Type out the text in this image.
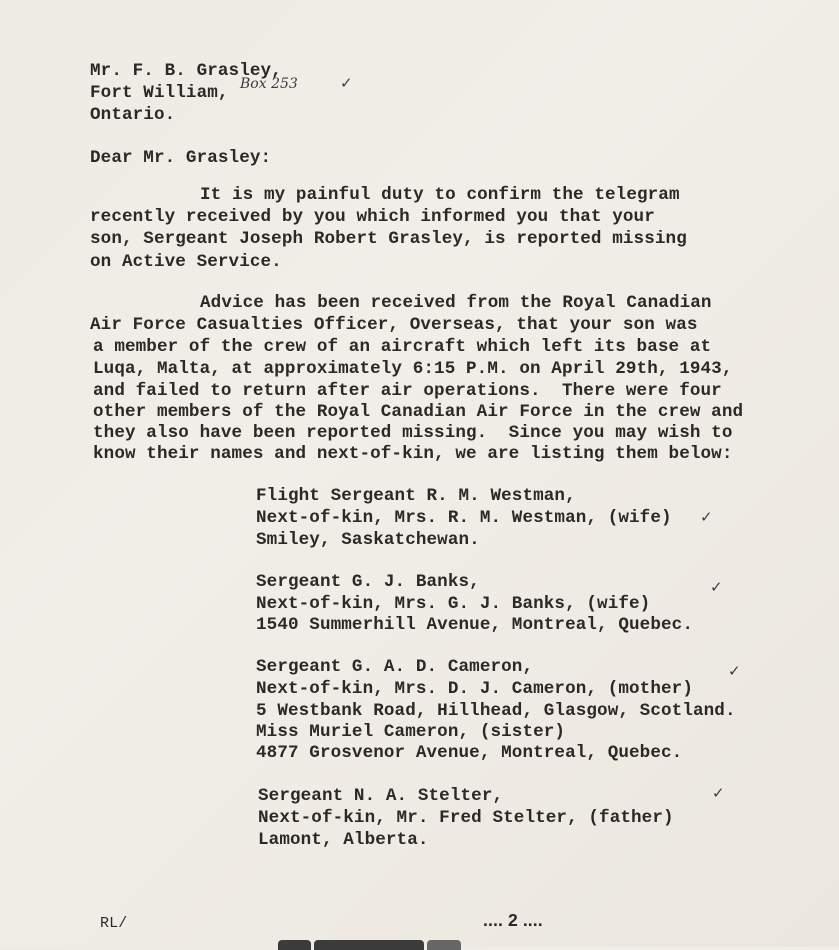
Mr. F. B. Grasley,
Fort William,
Ontario.
Box 253	✓
Dear Mr. Grasley:
It is my painful duty to confirm the telegram
recently received by you which informed you that your
son, Sergeant Joseph Robert Grasley, is reported missing
on Active Service.
Advice has been received from the Royal Canadian
Air Force Casualties Officer, Overseas, that your son was
a member of the crew of an aircraft which left its base at
Luqa, Malta, at approximately 6:15 P.M. on April 29th, 1943,
and failed to return after air operations.  There were four
other members of the Royal Canadian Air Force in the crew and
they also have been reported missing.  Since you may wish to
know their names and next-of-kin, we are listing them below:
Flight Sergeant R. M. Westman,
Next-of-kin, Mrs. R. M. Westman, (wife)
Smiley, Saskatchewan.
✓
Sergeant G. J. Banks,
Next-of-kin, Mrs. G. J. Banks, (wife)
1540 Summerhill Avenue, Montreal, Quebec.
✓
Sergeant G. A. D. Cameron,
Next-of-kin, Mrs. D. J. Cameron, (mother)
5 Westbank Road, Hillhead, Glasgow, Scotland.
Miss Muriel Cameron, (sister)
4877 Grosvenor Avenue, Montreal, Quebec.
✓
Sergeant N. A. Stelter,
Next-of-kin, Mr. Fred Stelter, (father)
Lamont, Alberta.
✓
RL/	.... 2 ....
